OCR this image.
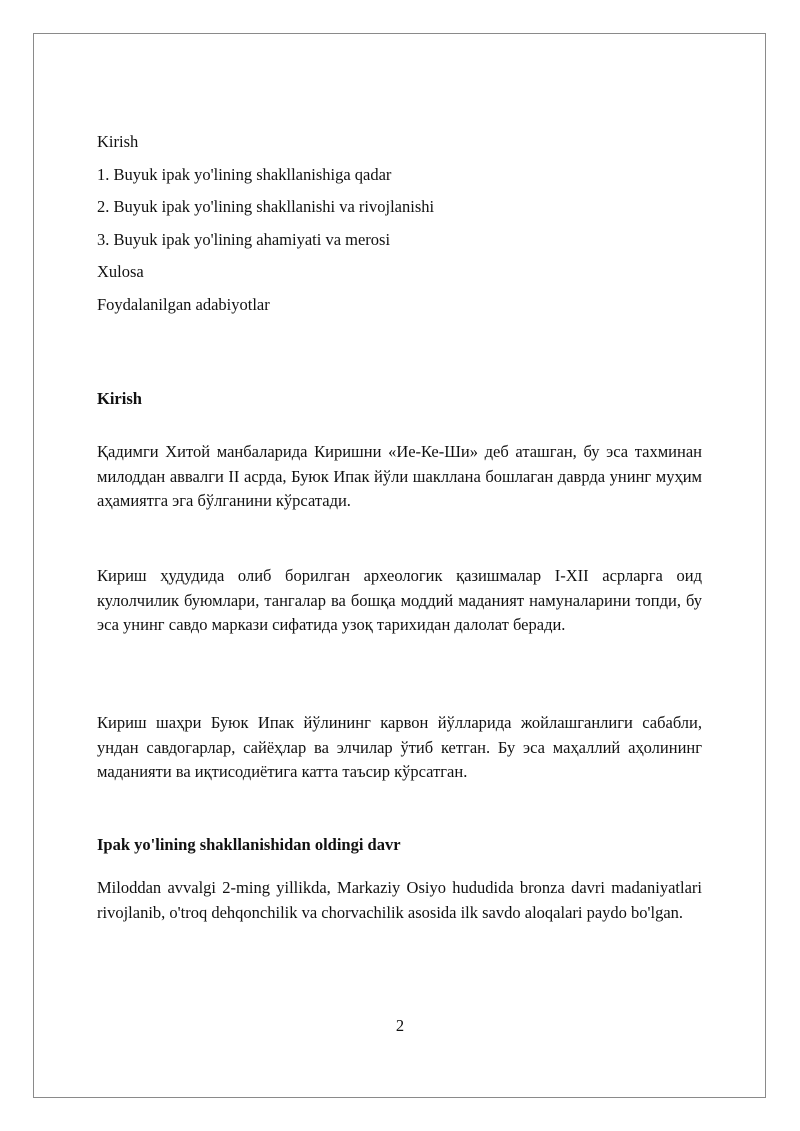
Kirish
1. Buyuk ipak yo'lining shakllanishiga qadar
2. Buyuk ipak yo'lining shakllanishi va rivojlanishi
3. Buyuk ipak yo'lining ahamiyati va merosi
Xulosa
Foydalanilgan adabiyotlar
Kirish
Қадимги Хитой манбаларида Киришни «Ие-Ке-Ши» деб аташган, бу эса тахминан милоддан аввалги II асрда, Буюк Ипак йўли шакллана бошлаган даврда унинг муҳим аҳамиятга эга бўлганини кўрсатади.
Кириш ҳудудида олиб борилган археологик қазишмалар I-XII асрларга оид кулолчилик буюмлари, тангалар ва бошқа моддий маданият намуналарини топди, бу эса унинг савдо маркази сифатида узоқ тарихидан далолат беради.
Кириш шаҳри Буюк Ипак йўлининг карвон йўлларида жойлашганлиги сабабли, ундан савдогарлар, сайёҳлар ва элчилар ўтиб кетган. Бу эса маҳаллий аҳолининг маданияти ва иқтисодиётига катта таъсир кўрсатган.
Ipak yo'lining shakllanishidan oldingi davr
Miloddan avvalgi 2-ming yillikda, Markaziy Osiyo hududida bronza davri madaniyatlari rivojlanib, o'troq dehqonchilik va chorvachilik asosida ilk savdo aloqalari paydo bo'lgan.
2
